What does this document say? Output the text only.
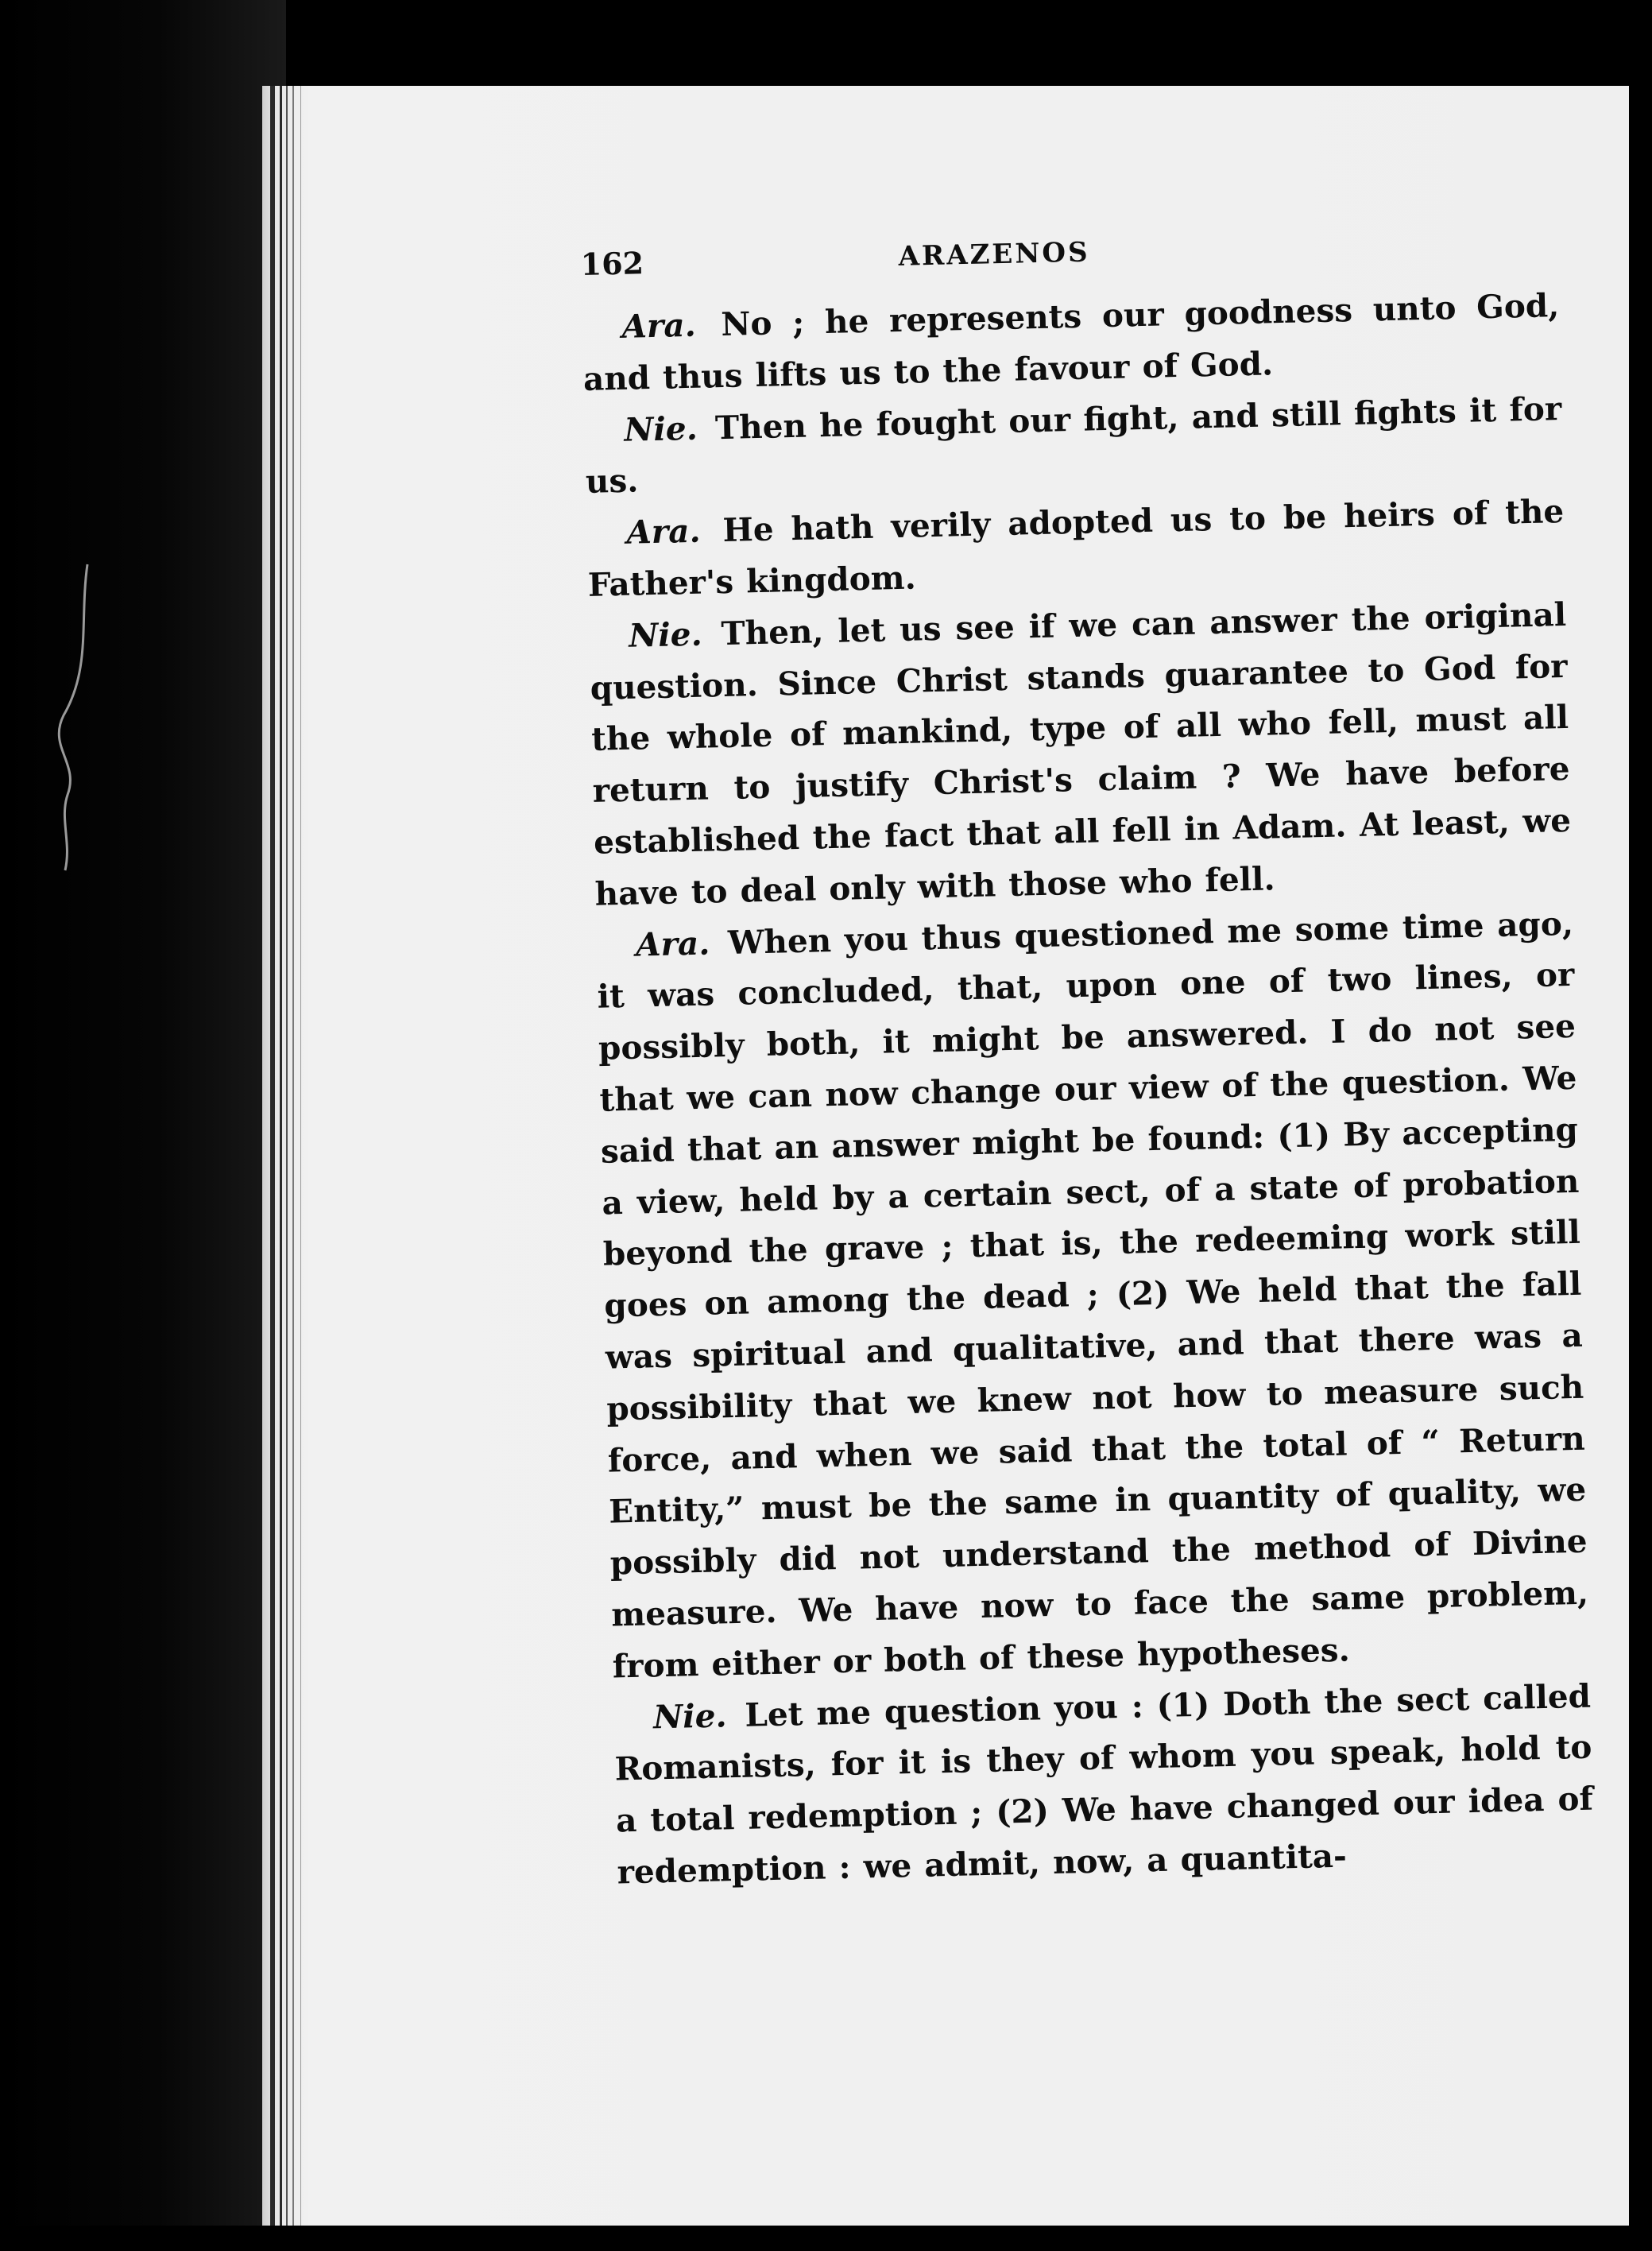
162	ARAZENOS

Ara. No ; he represents our goodness unto God, and thus lifts us to the favour of God.

Nie. Then he fought our fight, and still fights it for us.

Ara. He hath verily adopted us to be heirs of the Father's kingdom.

Nie. Then, let us see if we can answer the original question. Since Christ stands guarantee to God for the whole of mankind, type of all who fell, must all return to justify Christ's claim ? We have before established the fact that all fell in Adam. At least, we have to deal only with those who fell.

Ara. When you thus questioned me some time ago, it was concluded, that, upon one of two lines, or possibly both, it might be answered. I do not see that we can now change our view of the question. We said that an answer might be found: (1) By accepting a view, held by a certain sect, of a state of probation beyond the grave ; that is, the redeeming work still goes on among the dead ; (2) We held that the fall was spiritual and qualitative, and that there was a possibility that we knew not how to measure such force, and when we said that the total of “ Return Entity,” must be the same in quantity of quality, we possibly did not understand the method of Divine measure. We have now to face the same problem, from either or both of these hypotheses.

Nie. Let me question you : (1) Doth the sect called Romanists, for it is they of whom you speak, hold to a total redemption ; (2) We have changed our idea of redemption : we admit, now, a quantita-
